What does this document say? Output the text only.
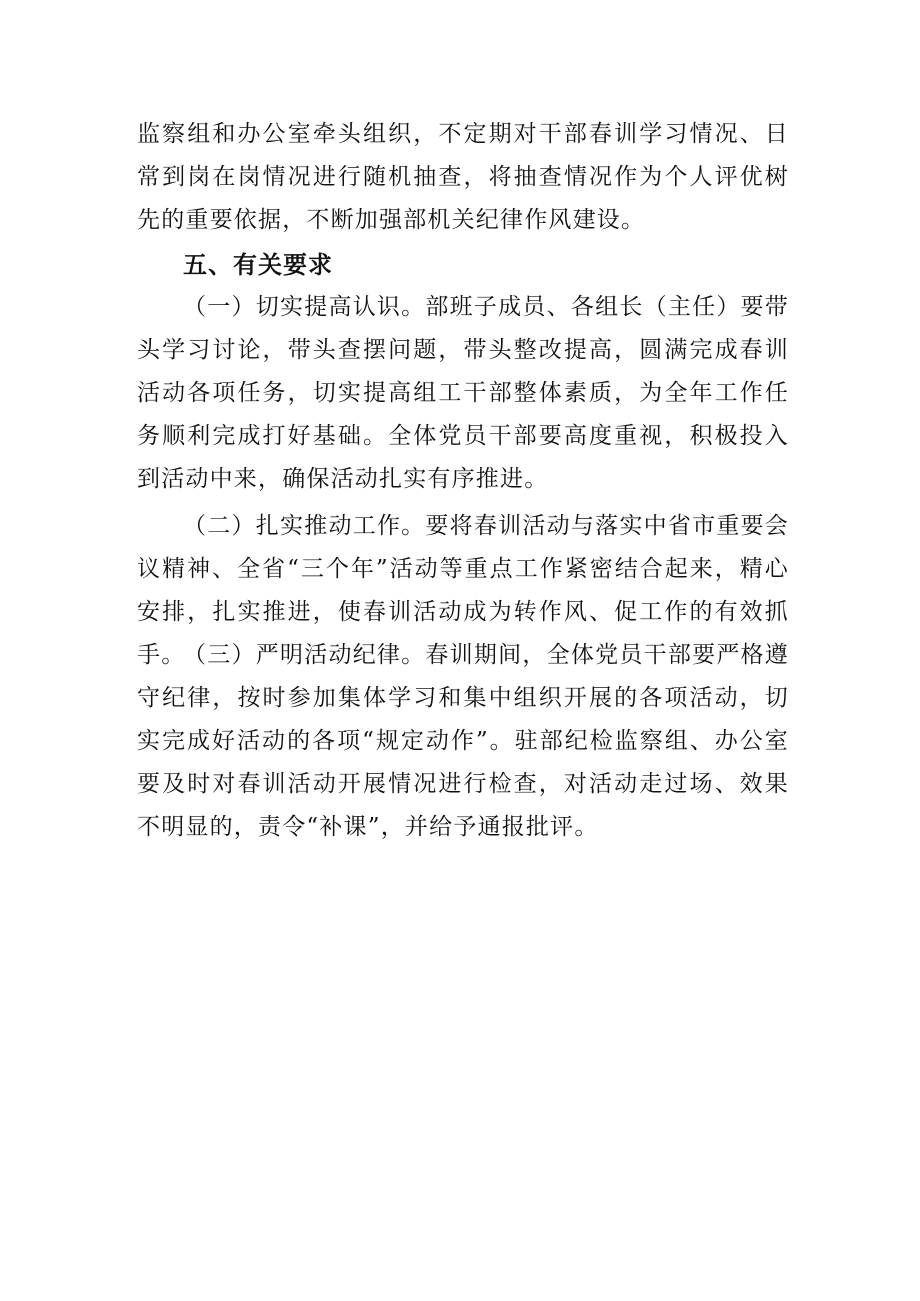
监察组和办公室牵头组织，不定期对干部春训学习情况、日常到岗在岗情况进行随机抽查，将抽查情况作为个人评优树先的重要依据，不断加强部机关纪律作风建设。

五、有关要求

（一）切实提高认识。部班子成员、各组长（主任）要带头学习讨论，带头查摆问题，带头整改提高，圆满完成春训活动各项任务，切实提高组工干部整体素质，为全年工作任务顺利完成打好基础。全体党员干部要高度重视，积极投入到活动中来，确保活动扎实有序推进。

（二）扎实推动工作。要将春训活动与落实中省市重要会议精神、全省“三个年”活动等重点工作紧密结合起来，精心安排，扎实推进，使春训活动成为转作风、促工作的有效抓手。

（三）严明活动纪律。春训期间，全体党员干部要严格遵守纪律，按时参加集体学习和集中组织开展的各项活动，切实完成好活动的各项“规定动作”。驻部纪检监察组、办公室要及时对春训活动开展情况进行检查，对活动走过场、效果不明显的，责令“补课”，并给予通报批评。
